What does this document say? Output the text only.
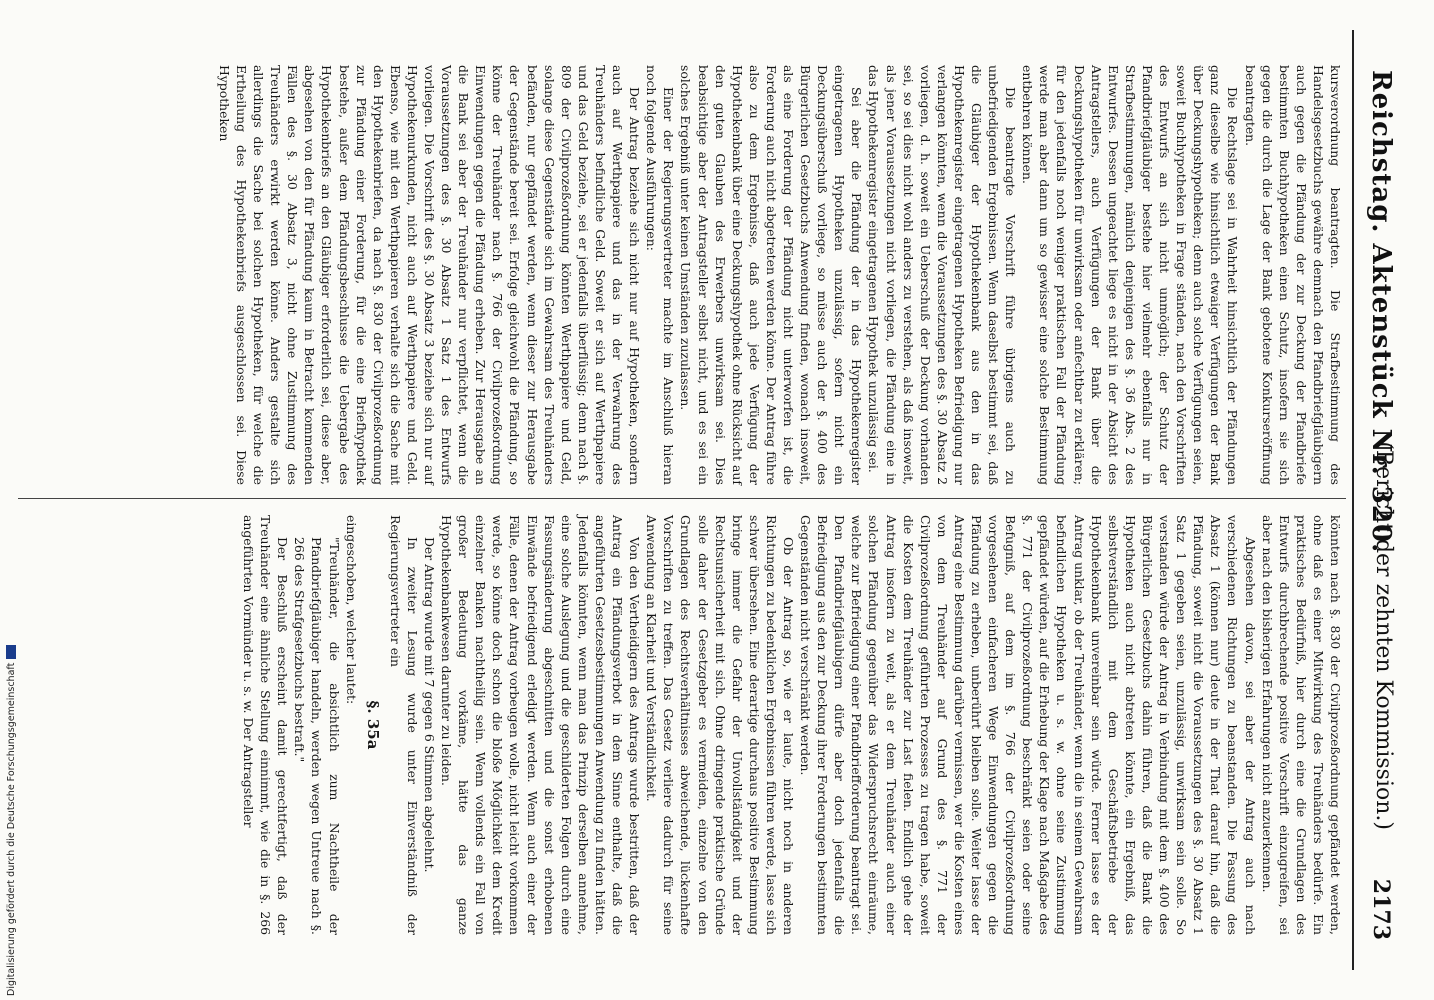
Reichstag. Aktenstück Nr. 320.
(Bericht der zehnten Kommission.)
2173

kursverordnung beantragten. Die Strafbestimmung des Handelsgesetzbuchs gewähre demnach den Pfandbriefgläubigern auch gegen die Pfändung der zur Deckung der Pfandbriefe bestimmten Buchhypotheken einen Schutz, insofern sie sich gegen die durch die Lage der Bank gebotene Konkurseröffnung beantragten.

Die Rechtslage sei in Wahrheit hinsichtlich der Pfändungen ganz dieselbe wie hinsichtlich etwaiger Verfügungen der Bank über Deckungshypotheken; denn auch solche Verfügungen seien, soweit Buchhypotheken in Frage ständen, nach den Vorschriften des Entwurfs an sich nicht unmöglich; der Schutz der Pfandbriefgläubiger bestehe hier vielmehr ebenfalls nur in Strafbestimmungen, nämlich denjenigen des §. 36 Abs. 2 des Entwurfes. Dessen ungeachtet liege es nicht in der Absicht des Antragstellers, auch Verfügungen der Bank über die Deckungshypotheken für unwirksam oder anfechtbar zu erklären; für den jedenfalls noch weniger praktischen Fall der Pfändung werde man aber dann um so gewisser eine solche Bestimmung entbehren können.

Die beantragte Vorschrift führe übrigens auch zu unbefriedigenden Ergebnissen. Wenn daselbst bestimmt sei, daß die Gläubiger der Hypothekenbank aus den in das Hypothekenregister eingetragenen Hypotheken Befriedigung nur verlangen könnten, wenn die Voraussetzungen des §. 30 Absatz 2 vorliegen, d. h. soweit ein Ueberschuß der Deckung vorhanden sei, so sei dies nicht wohl anders zu verstehen, als daß insoweit, als jener Voraussetzungen nicht vorliegen, die Pfändung eine in das Hypothekenregister eingetragenen Hypothek unzulässig sei.

Sei aber die Pfändung der in das Hypothekenregister eingetragenen Hypotheken unzulässig, sofern nicht ein Deckungsüberschuß vorliege, so müsse auch der §. 400 des Bürgerlichen Gesetzbuchs Anwendung finden, wonach insoweit, als eine Forderung der Pfändung nicht unterworfen ist, die Forderung auch nicht abgetreten werden könne. Der Antrag führe also zu dem Ergebnisse, daß auch jede Verfügung der Hypothekenbank über eine Deckungshypothek ohne Rücksicht auf den guten Glauben des Erwerbers unwirksam sei. Dies beabsichtige aber der Antragsteller selbst nicht, und es sei ein solches Ergebniß unter keinen Umständen zuzulassen.

Einer der Regierungsvertreter machte im Anschluß hieran noch folgende Ausführungen:

Der Antrag beziehe sich nicht nur auf Hypotheken, sondern auch auf Werthpapiere und das in der Verwahrung des Treuhänders befindliche Geld. Soweit er sich auf Werthpapiere und das Geld beziehe, sei er jedenfalls überflüssig; denn nach §. 809 der Civilprozeßordnung könnten Werthpapiere und Geld, solange diese Gegenstände sich im Gewahrsam des Treuhänders befänden, nur gepfändet werden, wenn dieser zur Herausgabe der Gegenstände bereit sei. Erfolge gleichwohl die Pfändung, so könne der Treuhänder nach §. 766 der Civilprozeßordnung Einwendungen gegen die Pfändung erheben. Zur Herausgabe an die Bank sei aber der Treuhänder nur verpflichtet, wenn die Voraussetzungen des §. 30 Absatz 1 Satz 1 des Entwurfs vorliegen. Die Vorschrift des §. 30 Absatz 3 beziehe sich nur auf Hypothekenurkunden, nicht auch auf Werthpapiere und Geld. Ebenso, wie mit den Werthpapieren verhalte sich die Sache mit den Hypothekenbriefen, da nach §. 830 der Civilprozeßordnung zur Pfändung einer Forderung, für die eine Briefhypothek bestehe, außer dem Pfändungsbeschlusse die Uebergabe des Hypothekenbriefs an den Gläubiger erforderlich sei, diese aber, abgesehen von den für Pfändung kaum in Betracht kommenden Fällen des §. 30 Absatz 3, nicht ohne Zustimmung des Treuhänders erwirkt werden könne. Anders gestalte sich allerdings die Sache bei solchen Hypotheken, für welche die Ertheilung des Hypothekenbriefs ausgeschlossen sei. Diese Hypotheken

könnten nach §. 830 der Civilprozeßordnung gepfändet werden, ohne daß es einer Mitwirkung des Treuhänders bedürfe. Ein praktisches Bedürfniß, hier durch eine die Grundlagen des Entwurfs durchbrechende positive Vorschrift einzugreifen, sei aber nach den bisherigen Erfahrungen nicht anzuerkennen.

Abgesehen davon, sei aber der Antrag auch nach verschiedenen Richtungen zu beanstanden. Die Fassung des Absatz 1 (können nur) deute in der That darauf hin, daß die Pfändung, soweit nicht die Voraussetzungen des §. 30 Absatz 1 Satz 1 gegeben seien, unzulässig, unwirksam sein solle. So verstanden würde der Antrag in Verbindung mit dem §. 400 des Bürgerlichen Gesetzbuchs dahin führen, daß die Bank die Hypotheken auch nicht abtreten könnte, ein Ergebniß, das selbstverständlich mit dem Geschäftsbetriebe der Hypothekenbank unvereinbar sein würde. Ferner lasse es der Antrag unklar, ob der Treuhänder, wenn die in seinem Gewahrsam befindlichen Hypotheken u. s. w. ohne seine Zustimmung gepfändet würden, auf die Erhebung der Klage nach Maßgabe des §. 771 der Civilprozeßordnung beschränkt seien oder seine Befugniß, auf dem im §. 766 der Civilprozeßordnung vorgesehenen einfacheren Wege Einwendungen gegen die Pfändung zu erheben, unberührt bleiben solle. Weiter lasse der Antrag eine Bestimmung darüber vermissen, wer die Kosten eines von dem Treuhänder auf Grund des §. 771 der Civilprozeßordnung geführten Prozesses zu tragen habe, soweit die Kosten dem Treuhänder zur Last fielen. Endlich gehe der Antrag insofern zu weit, als er dem Treuhänder auch einer solchen Pfändung gegenüber das Widerspruchsrecht einräume, welche zur Befriedigung einer Pfandbriefforderung beantragt sei. Den Pfandbriefgläubigern dürfe aber doch jedenfalls die Befriedigung aus den zur Deckung ihrer Forderungen bestimmten Gegenständen nicht verschränkt werden.

Ob der Antrag so, wie er laute, nicht noch in anderen Richtungen zu bedenklichen Ergebnissen führen werde, lasse sich schwer übersehen. Eine derartige durchaus positive Bestimmung bringe immer die Gefahr der Unvollständigkeit und der Rechtsunsicherheit mit sich. Ohne dringende praktische Gründe solle daher der Gesetzgeber es vermeiden, einzelne von den Grundlagen des Rechtsverhältnisses abweichende, lückenhafte Vorschriften zu treffen. Das Gesetz verliere dadurch für seine Anwendung an Klarheit und Verständlichkeit.

Von den Vertheidigern des Antrags wurde bestritten, daß der Antrag ein Pfändungsverbot in dem Sinne enthalte, daß die angeführten Gesetzesbestimmungen Anwendung zu finden hätten. Jedenfalls könnten, wenn man das Prinzip derselben annehme, eine solche Auslegung und die geschilderten Folgen durch eine Fassungsänderung abgeschnitten und die sonst erhobenen Einwände befriedigend erledigt werden. Wenn auch einer der Fälle, denen der Antrag vorbeugen wolle, nicht leicht vorkommen werde, so könne doch schon die bloße Möglichkeit dem Kredit einzelner Banken nachtheilig sein. Wenn vollends ein Fall von großer Bedeutung vorkäme, hätte das ganze Hypothekenbankwesen darunter zu leiden.

Der Antrag wurde mit 7 gegen 6 Stimmen abgelehnt.

In zweiter Lesung wurde unter Einverständniß der Regierungsvertreter ein

§. 35a

eingeschoben, welcher lautet:

"Treuhänder, die absichtlich zum Nachtheile der Pfandbriefgläubiger handeln, werden wegen Untreue nach §. 266 des Strafgesetzbuchs bestraft."

Der Beschluß erscheint damit gerechtfertigt, daß der Treuhänder eine ähnliche Stellung einnimmt, wie die in §. 266 angeführten Vormünder u. s. w. Der Antragsteller

Digitalisierung gefördert durch die Deutsche Forschungsgemeinschaft
